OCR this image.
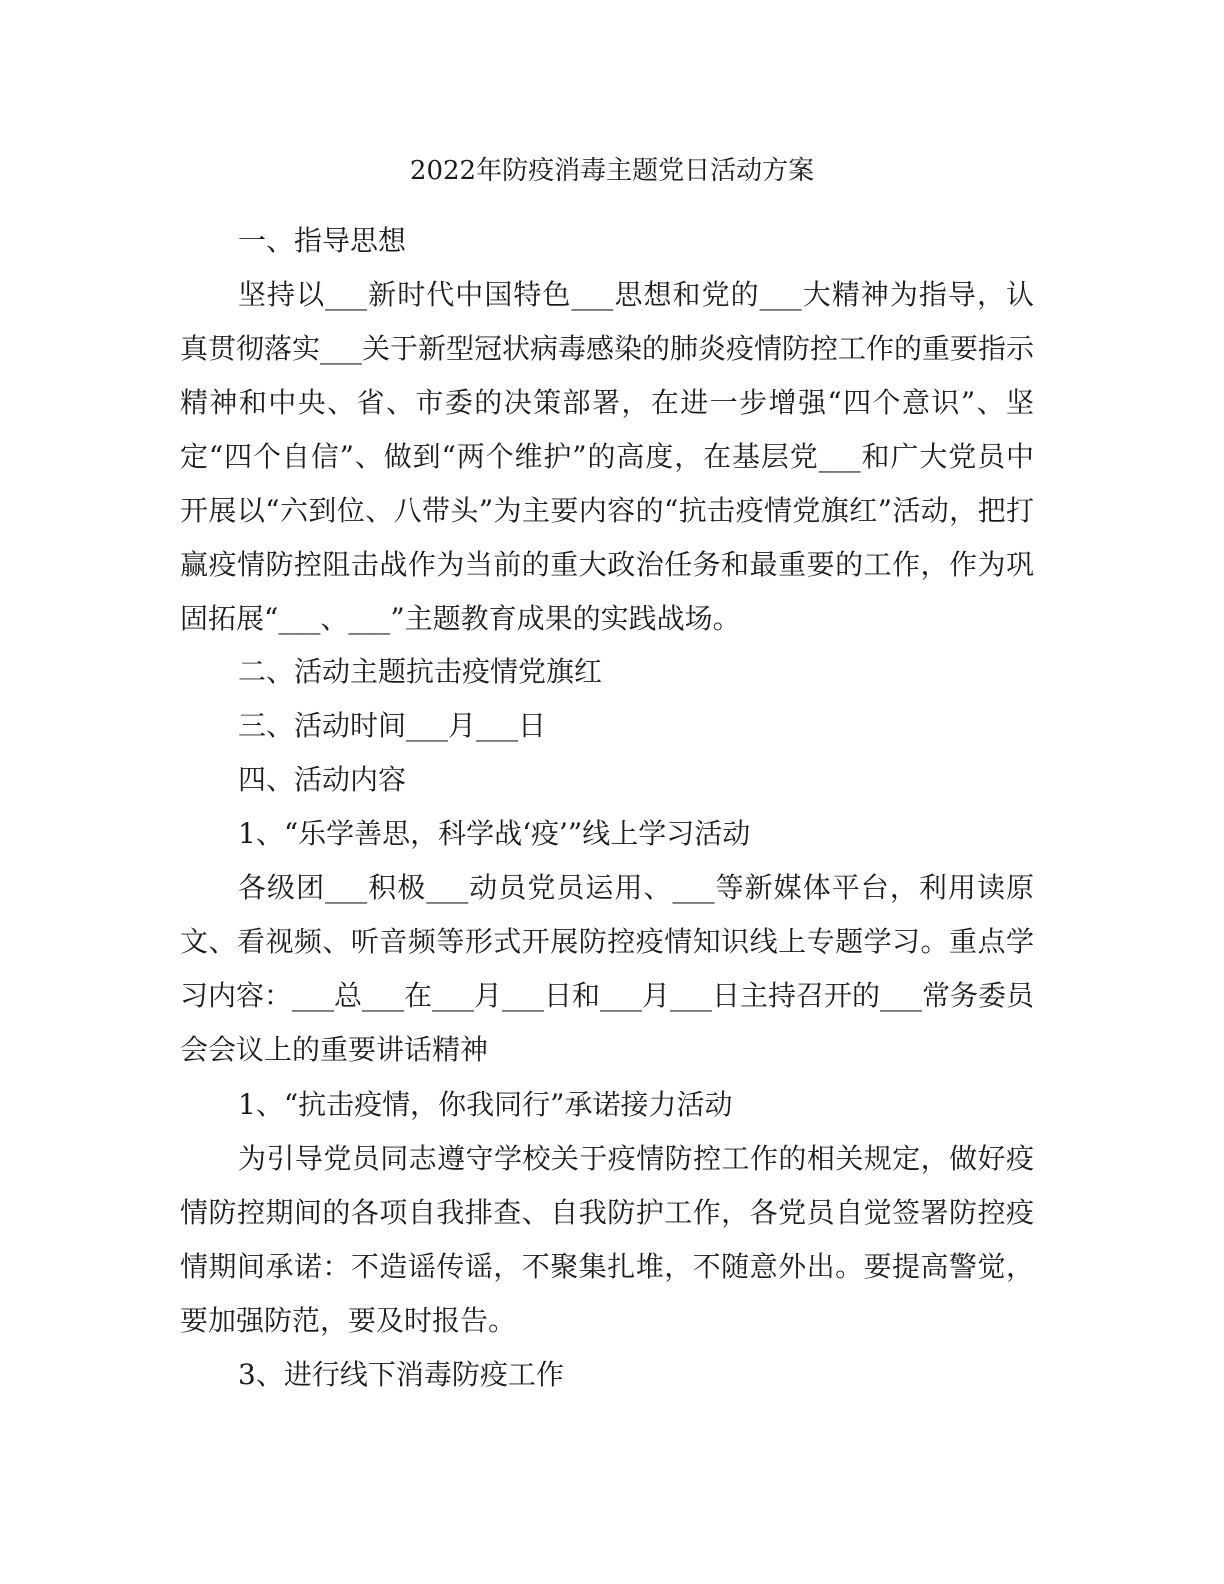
2022年防疫消毒主题党日活动方案
一、指导思想

坚持以___新时代中国特色___思想和党的___大精神为指导，认真贯彻落实___关于新型冠状病毒感染的肺炎疫情防控工作的重要指示精神和中央、省、市委的决策部署，在进一步增强“四个意识”、坚定“四个自信”、做到“两个维护”的高度，在基层党___和广大党员中开展以“六到位、八带头”为主要内容的“抗击疫情党旗红”活动，把打赢疫情防控阻击战作为当前的重大政治任务和最重要的工作，作为巩固拓展“___、___”主题教育成果的实践战场。

二、活动主题抗击疫情党旗红
三、活动时间___月___日
四、活动内容
1、“乐学善思，科学战‘疫’”线上学习活动

各级团___积极___动员党员运用、___等新媒体平台，利用读原文、看视频、听音频等形式开展防控疫情知识线上专题学习。重点学习内容：___总___在___月___日和___月___日主持召开的___常务委员会会议上的重要讲话精神

1、“抗击疫情，你我同行”承诺接力活动

为引导党员同志遵守学校关于疫情防控工作的相关规定，做好疫情防控期间的各项自我排查、自我防护工作，各党员自觉签署防控疫情期间承诺：不造谣传谣，不聚集扎堆，不随意外出。要提高警觉，要加强防范，要及时报告。

3、进行线下消毒防疫工作
